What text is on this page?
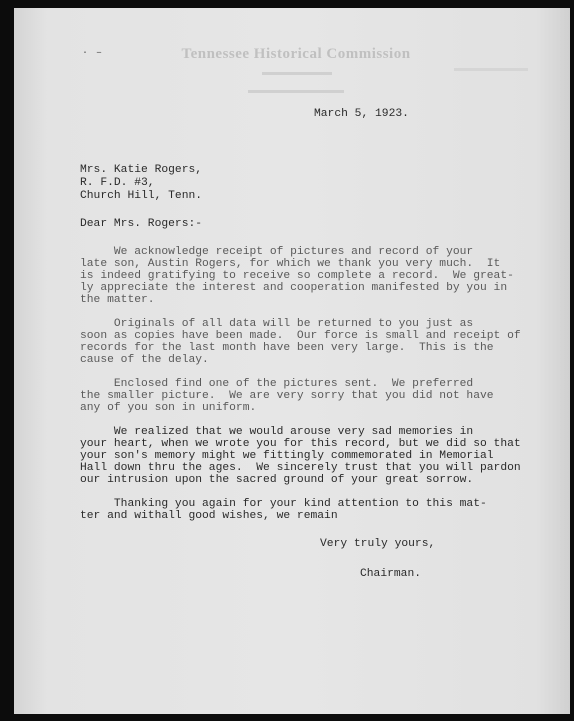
· –	Tennessee Historical Commission
March 5, 1923.
Mrs. Katie Rogers,
R. F.D. #3,
Church Hill, Tenn.
Dear Mrs. Rogers:-
We acknowledge receipt of pictures and record of your
late son, Austin Rogers, for which we thank you very much.  It
is indeed gratifying to receive so complete a record.  We great-
ly appreciate the interest and cooperation manifested by you in
the matter.
Originals of all data will be returned to you just as
soon as copies have been made.  Our force is small and receipt of
records for the last month have been very large.  This is the
cause of the delay.
Enclosed find one of the pictures sent.  We preferred
the smaller picture.  We are very sorry that you did not have
any of you son in uniform.
We realized that we would arouse very sad memories in
your heart, when we wrote you for this record, but we did so that
your son's memory might we fittingly commemorated in Memorial
Hall down thru the ages.  We sincerely trust that you will pardon
our intrusion upon the sacred ground of your great sorrow.
Thanking you again for your kind attention to this mat-
ter and withall good wishes, we remain
Very truly yours,
Chairman.
